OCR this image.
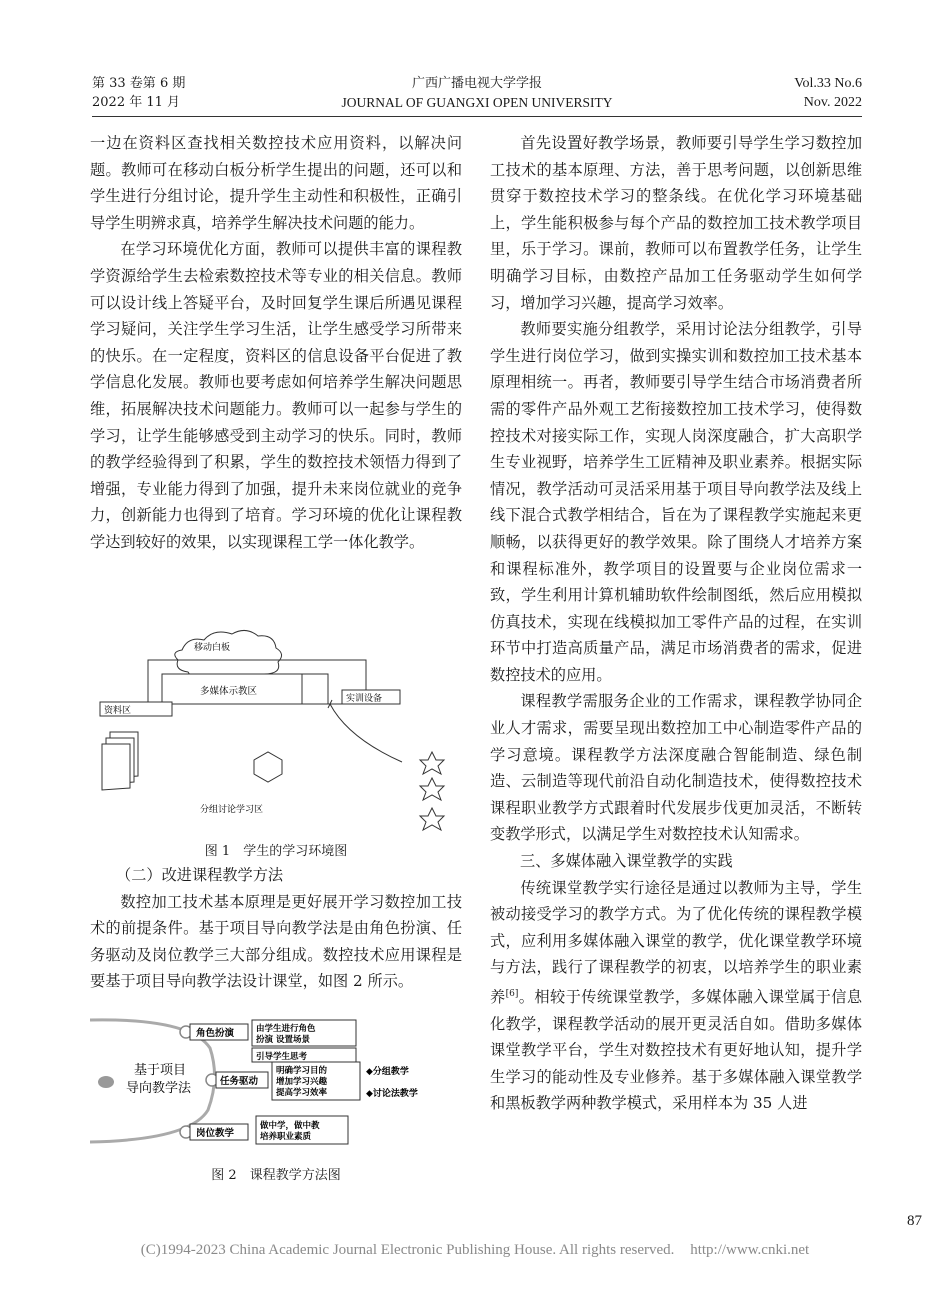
第 33 卷第 6 期
2022 年 11 月
广西广播电视大学学报
JOURNAL OF GUANGXI OPEN UNIVERSITY
Vol.33 No.6
Nov. 2022

一边在资料区查找相关数控技术应用资料，以解决问题。教师可在移动白板分析学生提出的问题，还可以和学生进行分组讨论，提升学生主动性和积极性，正确引导学生明辨求真，培养学生解决技术问题的能力。

在学习环境优化方面，教师可以提供丰富的课程教学资源给学生去检索数控技术等专业的相关信息。教师可以设计线上答疑平台，及时回复学生课后所遇见课程学习疑问，关注学生学习生活，让学生感受学习所带来的快乐。在一定程度，资料区的信息设备平台促进了教学信息化发展。教师也要考虑如何培养学生解决问题思维，拓展解决技术问题能力。教师可以一起参与学生的学习，让学生能够感受到主动学习的快乐。同时，教师的教学经验得到了积累，学生的数控技术领悟力得到了增强，专业能力得到了加强，提升未来岗位就业的竞争力，创新能力也得到了培育。学习环境的优化让课程教学达到较好的效果，以实现课程工学一体化教学。

移动白板
多媒体示教区
资料区
实训设备
分组讨论学习区
图 1　学生的学习环境图
（二）改进课程教学方法

数控加工技术基本原理是更好展开学习数控加工技术的前提条件。基于项目导向教学法是由角色扮演、任务驱动及岗位教学三大部分组成。数控技术应用课程是要基于项目导向教学法设计课堂，如图 2 所示。

基于项目
导向教学法
角色扮演	由学生进行角色
扮演 设置场景
引导学生思考
任务驱动
明确学习目的
增加学习兴趣
提高学习效率
◆分组教学
◆讨论法教学
岗位教学
做中学，做中教
培养职业素质
图 2　课程教学方法图

首先设置好教学场景，教师要引导学生学习数控加工技术的基本原理、方法，善于思考问题，以创新思维贯穿于数控技术学习的整条线。在优化学习环境基础上，学生能积极参与每个产品的数控加工技术教学项目里，乐于学习。课前，教师可以布置教学任务，让学生明确学习目标，由数控产品加工任务驱动学生如何学习，增加学习兴趣，提高学习效率。

教师要实施分组教学，采用讨论法分组教学，引导学生进行岗位学习，做到实操实训和数控加工技术基本原理相统一。再者，教师要引导学生结合市场消费者所需的零件产品外观工艺衔接数控加工技术学习，使得数控技术对接实际工作，实现人岗深度融合，扩大高职学生专业视野，培养学生工匠精神及职业素养。根据实际情况，教学活动可灵活采用基于项目导向教学法及线上线下混合式教学相结合，旨在为了课程教学实施起来更顺畅，以获得更好的教学效果。除了围绕人才培养方案和课程标准外，教学项目的设置要与企业岗位需求一致，学生利用计算机辅助软件绘制图纸，然后应用模拟仿真技术，实现在线模拟加工零件产品的过程，在实训环节中打造高质量产品，满足市场消费者的需求，促进数控技术的应用。

课程教学需服务企业的工作需求，课程教学协同企业人才需求，需要呈现出数控加工中心制造零件产品的学习意境。课程教学方法深度融合智能制造、绿色制造、云制造等现代前沿自动化制造技术，使得数控技术课程职业教学方式跟着时代发展步伐更加灵活，不断转变教学形式，以满足学生对数控技术认知需求。

三、多媒体融入课堂教学的实践

传统课堂教学实行途径是通过以教师为主导，学生被动接受学习的教学方式。为了优化传统的课程教学模式，应利用多媒体融入课堂的教学，优化课堂教学环境与方法，践行了课程教学的初衷，以培养学生的职业素养[6]。相较于传统课堂教学，多媒体融入课堂属于信息化教学，课程教学活动的展开更灵活自如。借助多媒体课堂教学平台，学生对数控技术有更好地认知，提升学生学习的能动性及专业修养。基于多媒体融入课堂教学和黑板教学两种教学模式，采用样本为 35 人进

87
(C)1994-2023 China Academic Journal Electronic Publishing House. All rights reserved. http://www.cnki.net
